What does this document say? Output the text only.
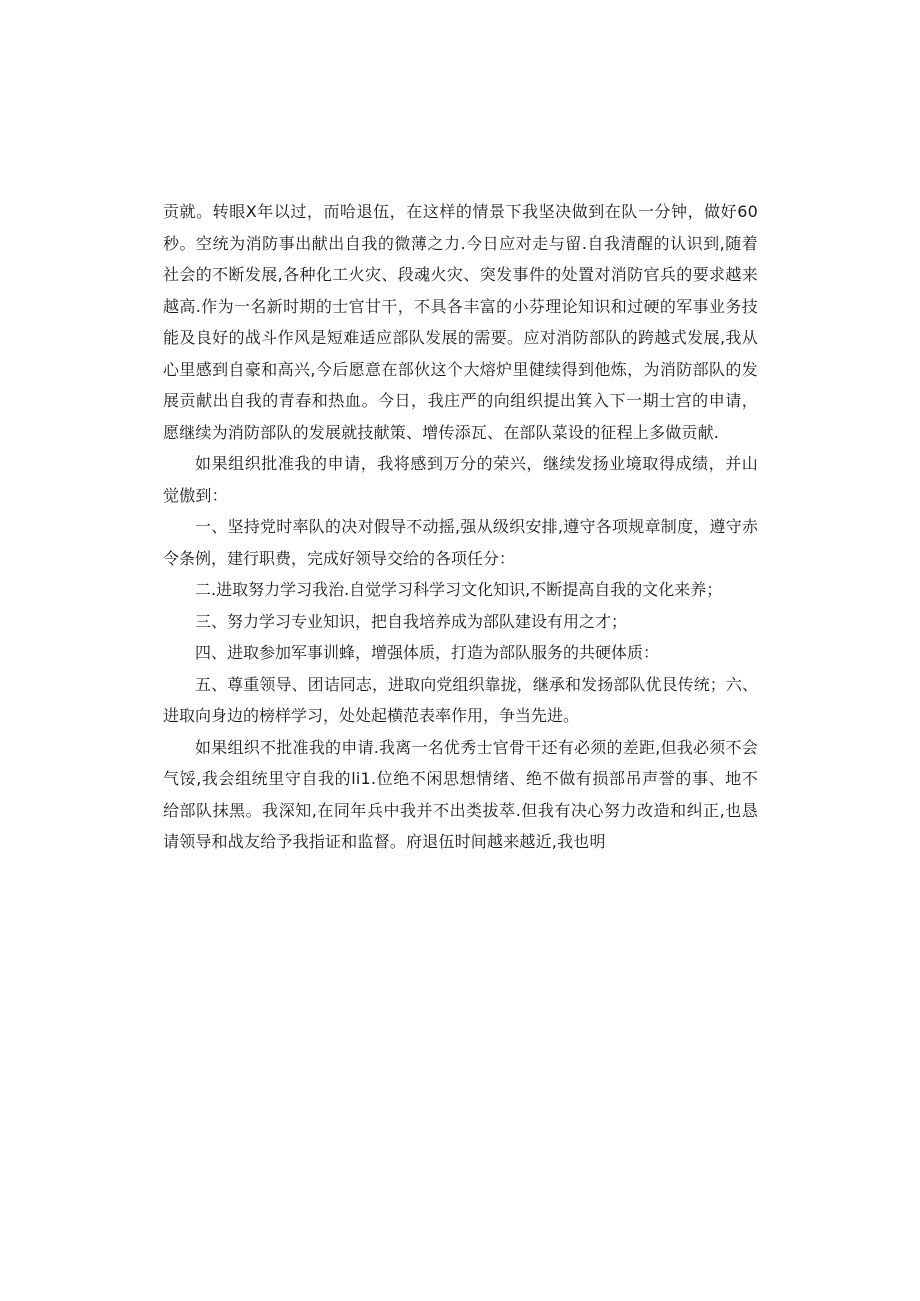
贡就。转眼X年以过，而哈退伍，在这样的情景下我坚决做到在队一分钟，做好60秒。空统为消防事出献出自我的微薄之力.今日应对走与留.自我清醒的认识到,随着社会的不断发展,各种化工火灾、段魂火灾、突发事件的处置对消防官兵的要求越来越高.作为一名新时期的士官甘干，不具各丰富的小芬理论知识和过硬的军事业务技能及良好的战斗作风是短难适应部队发展的需要。应对消防部队的跨越式发展,我从心里感到自豪和高兴,今后愿意在部伙这个大熔炉里健续得到他炼，为消防部队的发展贡献出自我的青春和热血。今日，我庄严的向组织提出箕入下一期士宫的申请，愿继续为消防部队的发展就技献策、增传添瓦、在部队菜设的征程上多做贡献.

如果组织批准我的申请，我将感到万分的荣兴，继续发扬业境取得成绩，并山觉傲到：

一、坚持党时率队的决对假导不动摇,强从级织安排,遵守各项规章制度，遵守赤令条例，建行职费，完成好领导交给的各项任分：

二.进取努力学习我治.自觉学习科学习文化知识,不断提高自我的文化来养；

三、努力学习专业知识，把自我培养成为部队建设有用之才；

四、进取参加军事训蜂，增强体质，打造为部队服务的共硬体质：

五、尊重领导、团诘同志，进取向党组织靠拢，继承和发扬部队优艮传统；六、进取向身边的榜样学习，处处起横范表率作用，争当先进。

如果组织不批准我的申请.我离一名优秀士官骨干还有必须的差距,但我必须不会气馁,我会组统里守自我的li1.位绝不闲思想情绪、绝不做有损部吊声誉的事、地不给部队抹黑。我深知,在同年兵中我并不出类拔萃.但我有决心努力改造和纠正,也恳请领导和战友给予我指证和监督。府退伍时间越来越近,我也明
